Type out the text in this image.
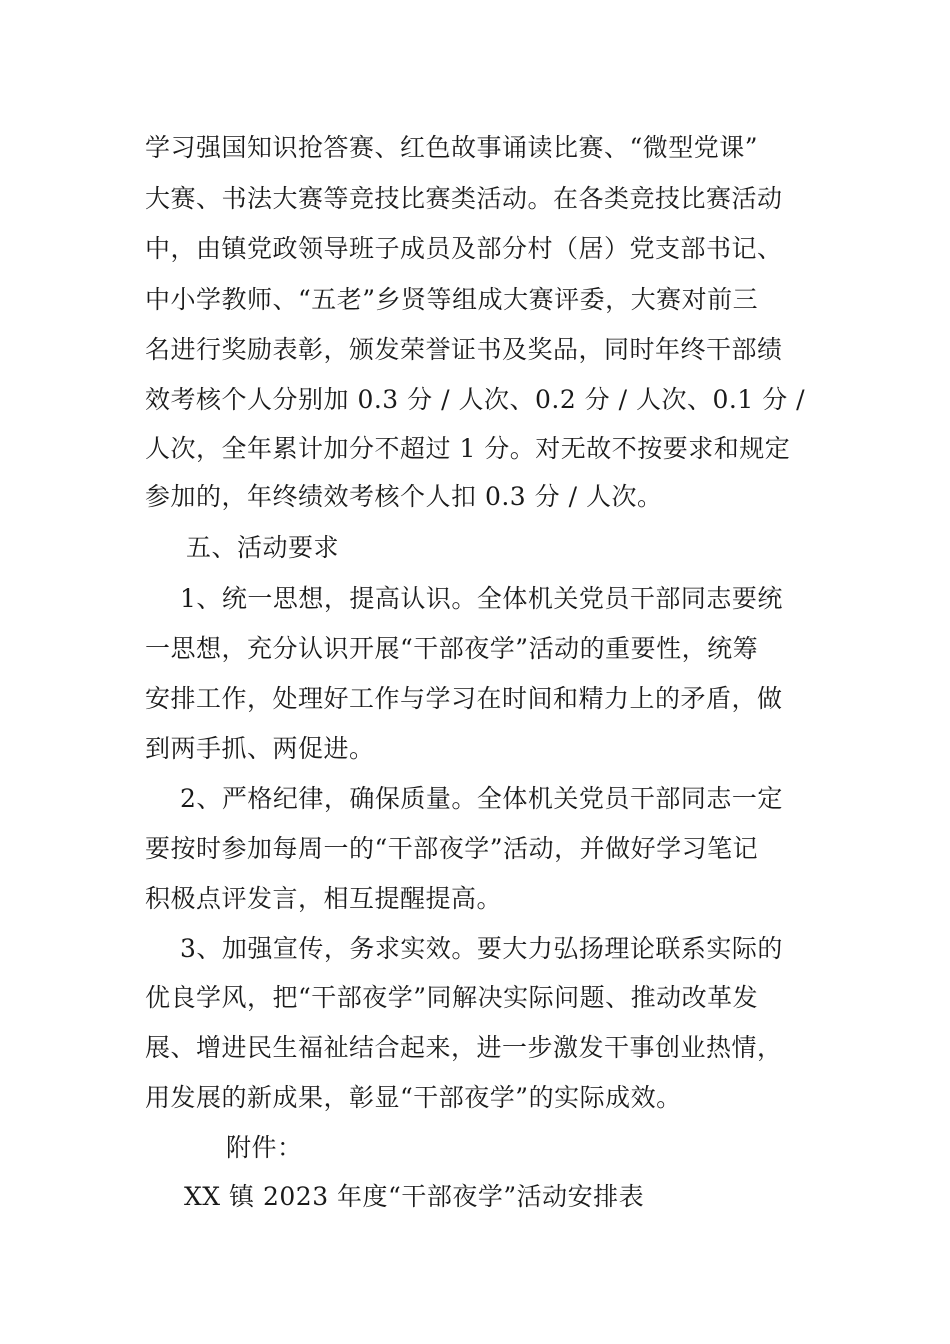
学习强国知识抢答赛、红色故事诵读比赛、“微型党课”
大赛、书法大赛等竞技比赛类活动。在各类竞技比赛活动
中，由镇党政领导班子成员及部分村（居）党支部书记、
中小学教师、“五老”乡贤等组成大赛评委，大赛对前三
名进行奖励表彰，颁发荣誉证书及奖品，同时年终干部绩
效考核个人分别加 0.3 分 / 人次、0.2 分 / 人次、0.1 分 /
人次，全年累计加分不超过 1 分。对无故不按要求和规定
参加的，年终绩效考核个人扣 0.3 分 / 人次。
五、活动要求
1、统一思想，提高认识。全体机关党员干部同志要统
一思想，充分认识开展“干部夜学”活动的重要性，统筹
安排工作，处理好工作与学习在时间和精力上的矛盾，做
到两手抓、两促进。
2、严格纪律，确保质量。全体机关党员干部同志一定
要按时参加每周一的“干部夜学”活动，并做好学习笔记
积极点评发言，相互提醒提高。
3、加强宣传，务求实效。要大力弘扬理论联系实际的
优良学风，把“干部夜学”同解决实际问题、推动改革发
展、增进民生福祉结合起来，进一步激发干事创业热情，
用发展的新成果，彰显“干部夜学”的实际成效。
附件：
XX 镇 2023 年度“干部夜学”活动安排表
